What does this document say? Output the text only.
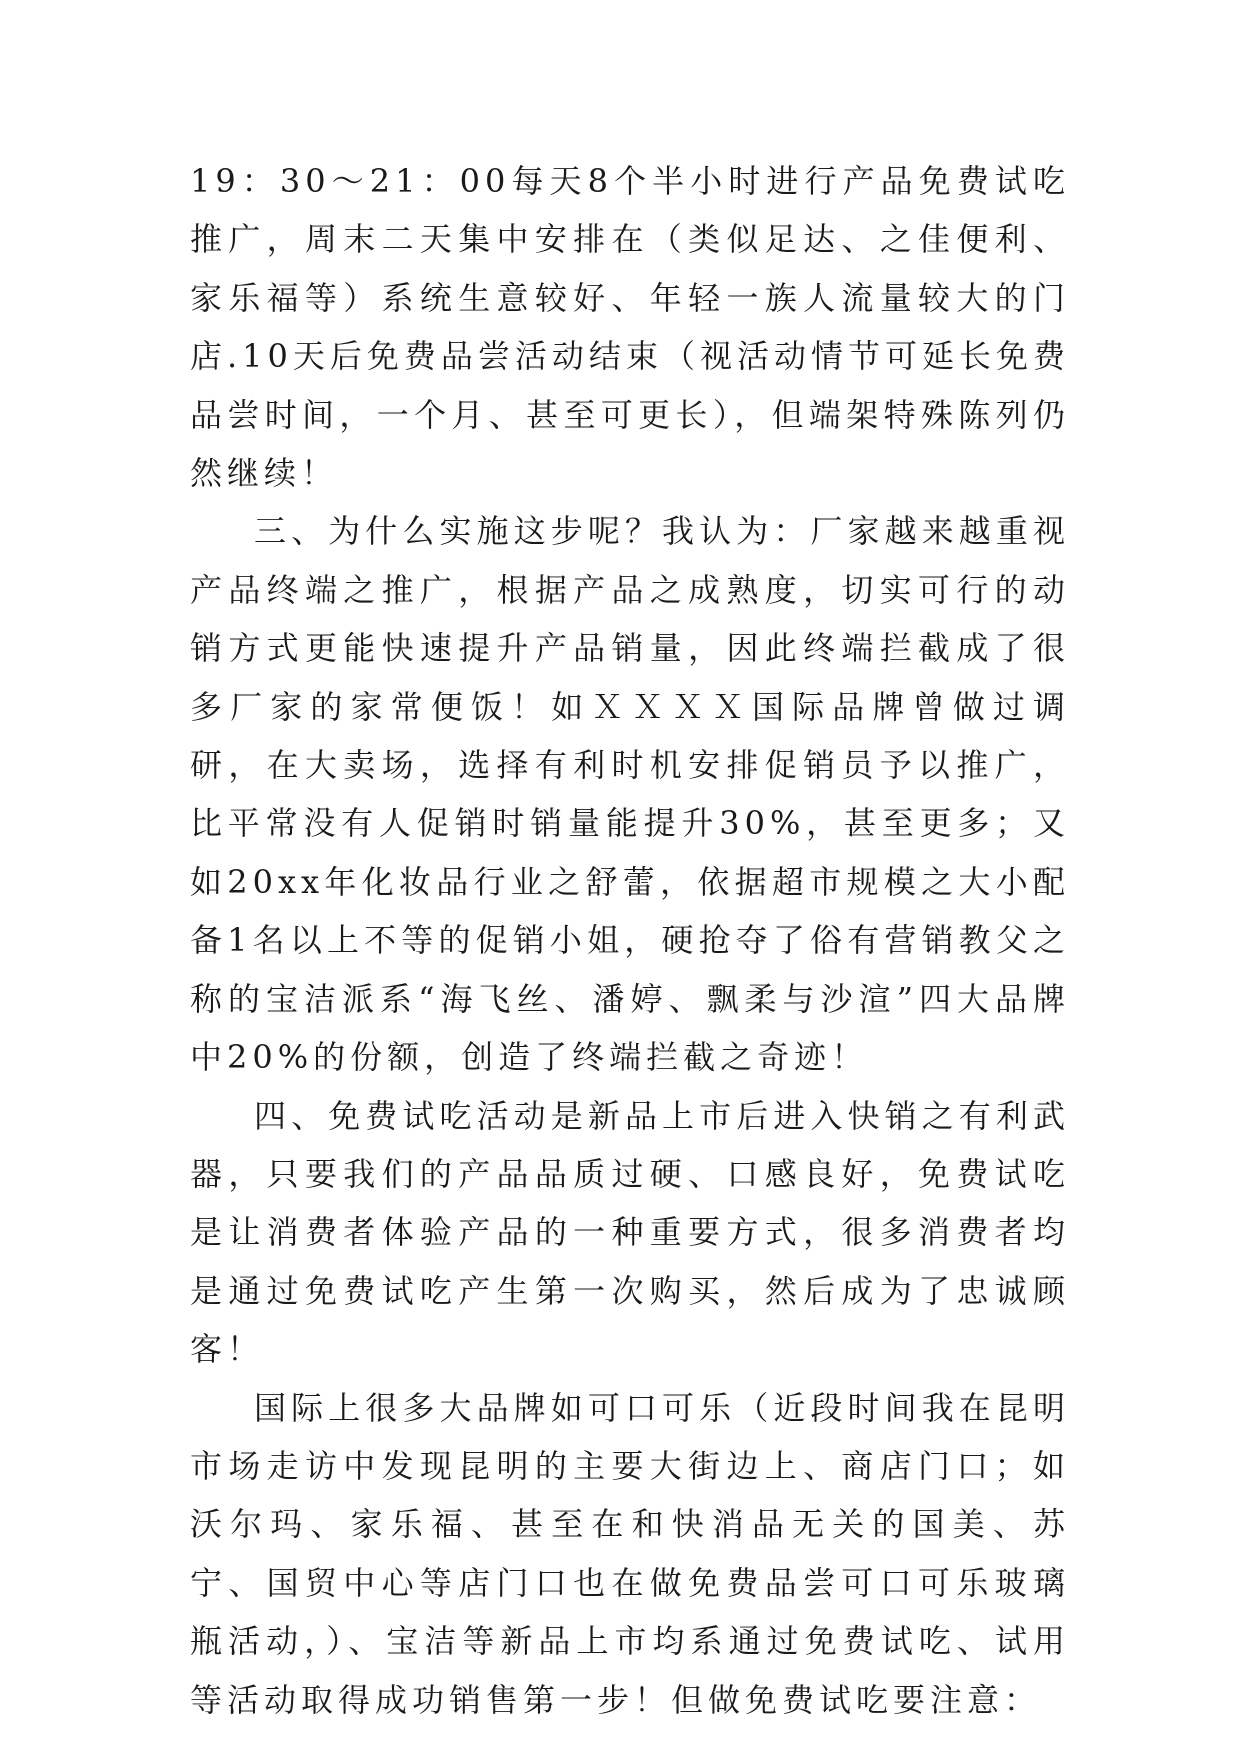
19：30～21：00每天8个半小时进行产品免费试吃推广，周末二天集中安排在（类似足达、之佳便利、家乐福等）系统生意较好、年轻一族人流量较大的门店.10天后免费品尝活动结束（视活动情节可延长免费品尝时间，一个月、甚至可更长），但端架特殊陈列仍然继续！

三、为什么实施这步呢？我认为：厂家越来越重视产品终端之推广，根据产品之成熟度，切实可行的动销方式更能快速提升产品销量，因此终端拦截成了很多厂家的家常便饭！如ＸＸＸＸ国际品牌曾做过调研，在大卖场，选择有利时机安排促销员予以推广，比平常没有人促销时销量能提升30%，甚至更多；又如20xx年化妆品行业之舒蕾，依据超市规模之大小配备1名以上不等的促销小姐，硬抢夺了俗有营销教父之称的宝洁派系“海飞丝、潘婷、飘柔与沙渲”四大品牌中20%的份额，创造了终端拦截之奇迹！

四、免费试吃活动是新品上市后进入快销之有利武器，只要我们的产品品质过硬、口感良好，免费试吃是让消费者体验产品的一种重要方式，很多消费者均是通过免费试吃产生第一次购买，然后成为了忠诚顾客！

国际上很多大品牌如可口可乐（近段时间我在昆明市场走访中发现昆明的主要大街边上、商店门口；如沃尔玛、家乐福、甚至在和快消品无关的国美、苏宁、国贸中心等店门口也在做免费品尝可口可乐玻璃瓶活动，）、宝洁等新品上市均系通过免费试吃、试用等活动取得成功销售第一步！但做免费试吃要注意：
